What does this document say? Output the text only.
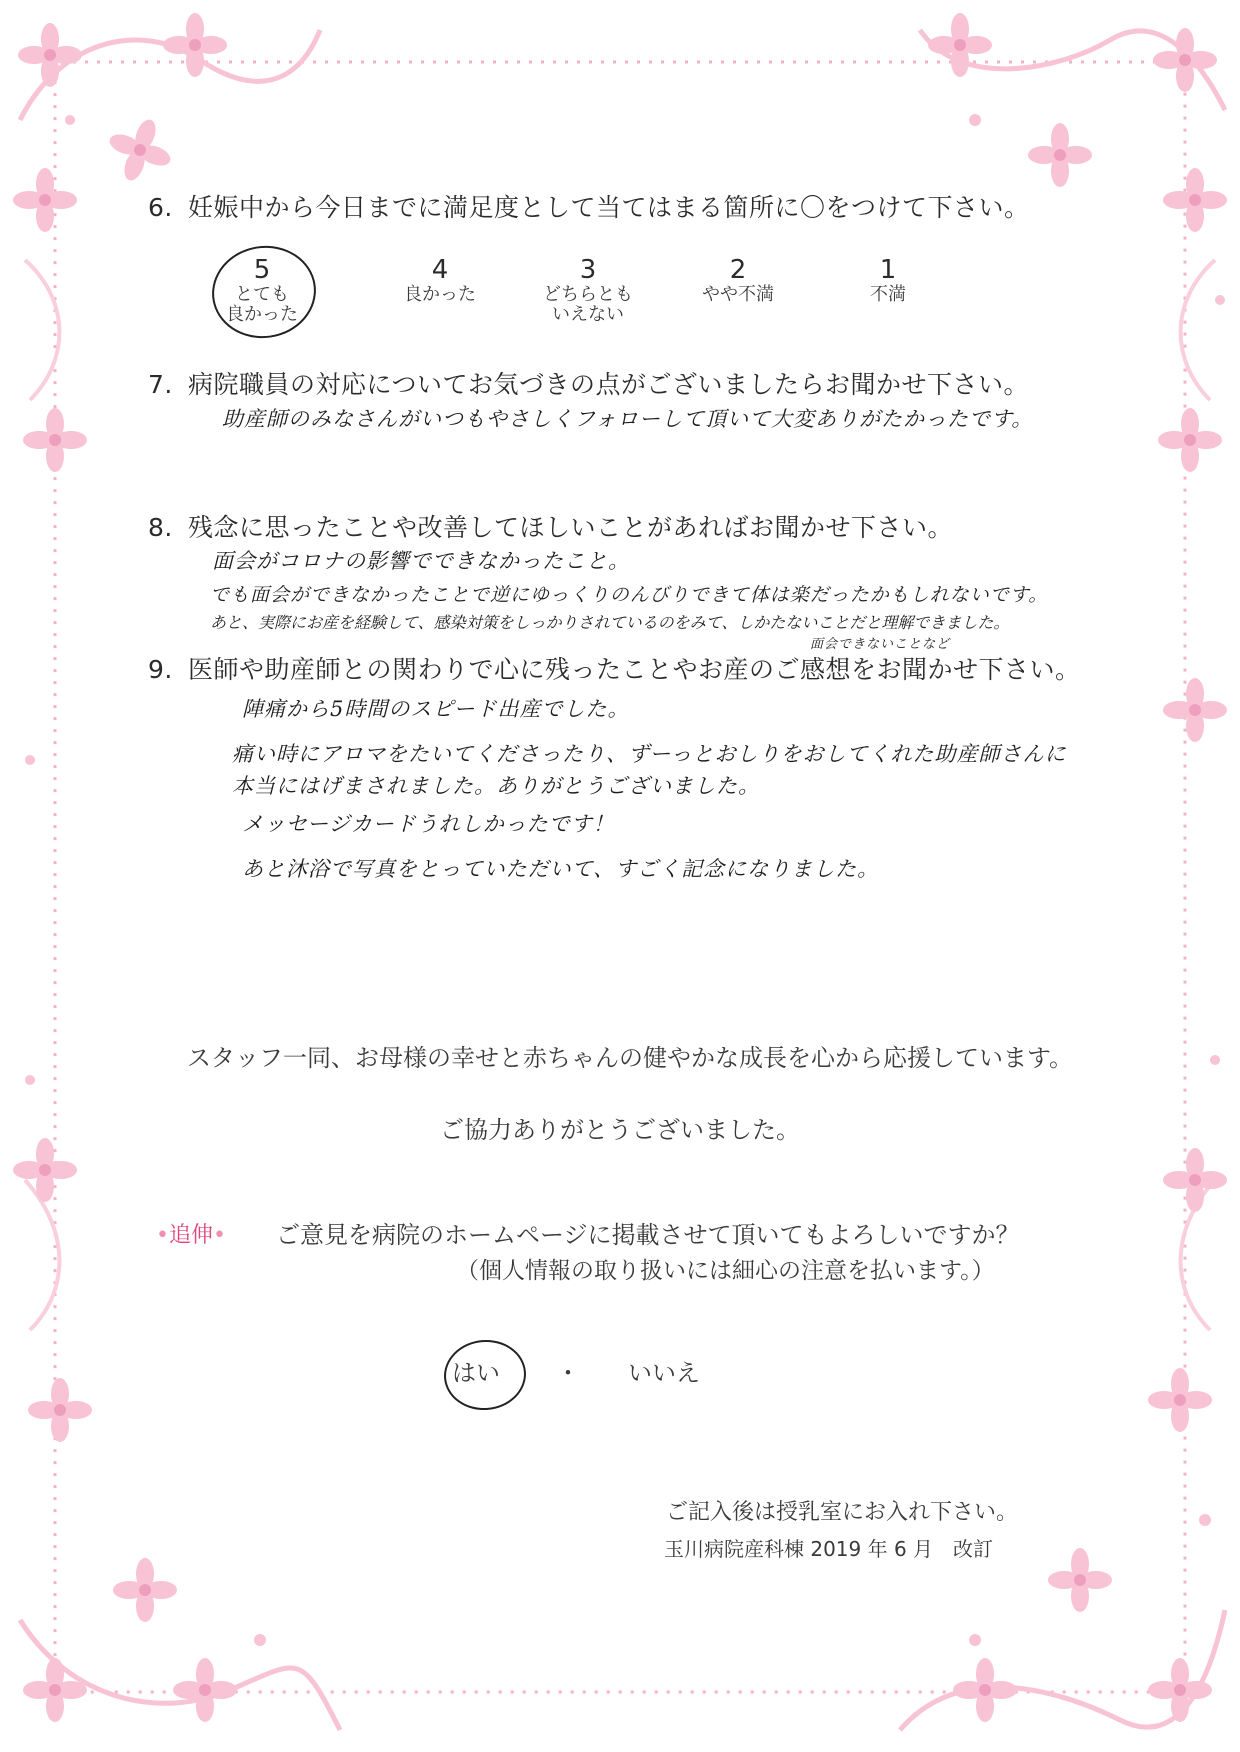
6. 妊娠中から今日までに満足度として当てはまる箇所に〇をつけて下さい。
5
とても
良かった
4
良かった
3
どちらとも
いえない
2
やや不満
1
不満
7. 病院職員の対応についてお気づきの点がございましたらお聞かせ下さい。
助産師のみなさんがいつもやさしくフォローして頂いて大変ありがたかったです。
8. 残念に思ったことや改善してほしいことがあればお聞かせ下さい。
面会がコロナの影響でできなかったこと。
でも面会ができなかったことで逆にゆっくりのんびりできて体は楽だったかもしれないです。
あと、実際にお産を経験して、感染対策をしっかりされているのをみて、しかたないことだと理解できました。
面会できないことなど
9. 医師や助産師との関わりで心に残ったことやお産のご感想をお聞かせ下さい。
陣痛から5時間のスピード出産でした。
痛い時にアロマをたいてくださったり、ずーっとおしりをおしてくれた助産師さんに
本当にはげまされました。ありがとうございました。
メッセージカードうれしかったです！
あと沐浴で写真をとっていただいて、すごく記念になりました。
スタッフ一同、お母様の幸せと赤ちゃんの健やかな成長を心から応援しています。
ご協力ありがとうございました。
•追伸• ご意見を病院のホームページに掲載させて頂いてもよろしいですか？
（個人情報の取り扱いには細心の注意を払います。）
はい ・ いいえ
ご記入後は授乳室にお入れ下さい。
玉川病院産科棟 2019 年 6 月　改訂
